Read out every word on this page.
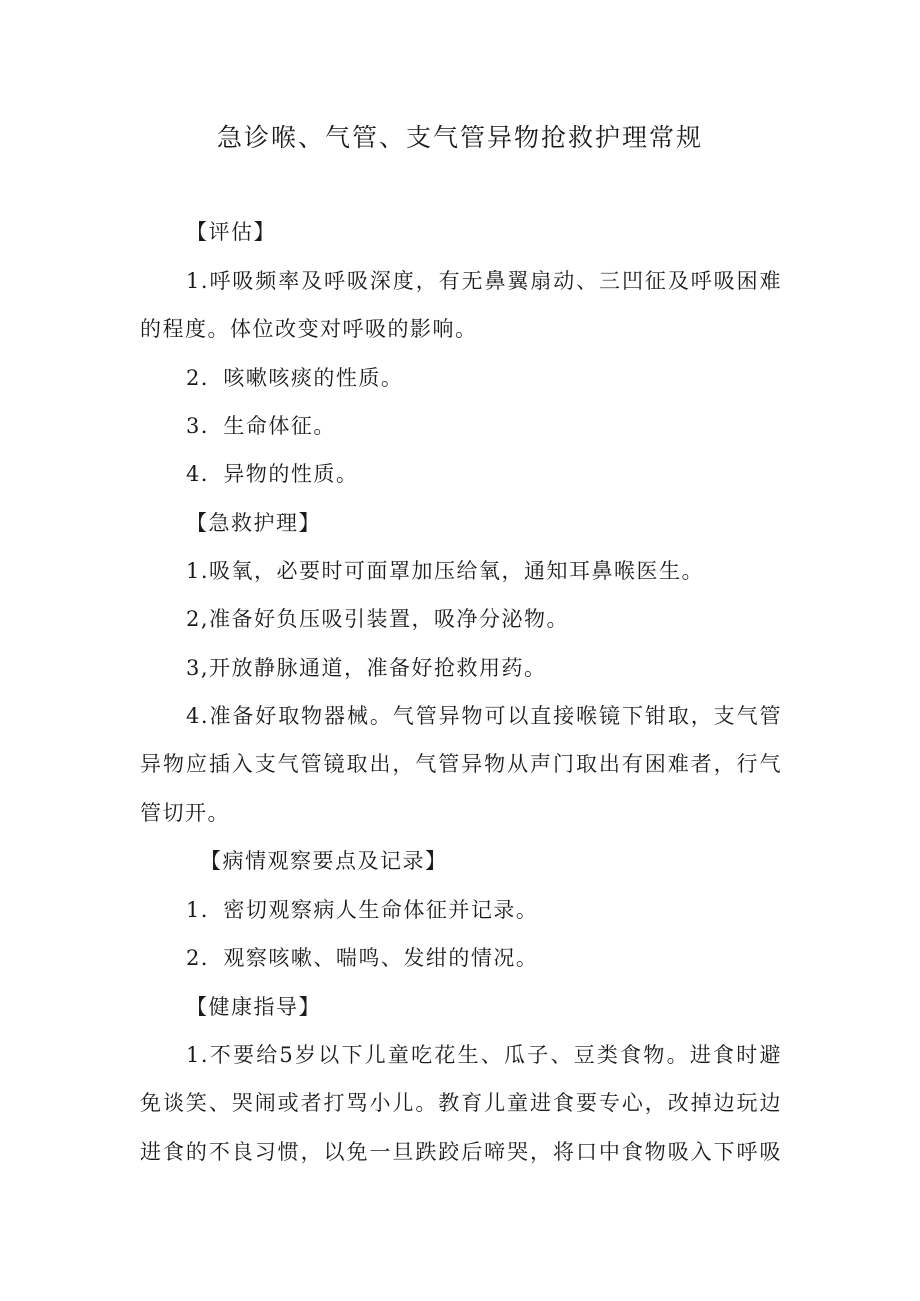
急诊喉、气管、支气管异物抢救护理常规
【评估】
1.呼吸频率及呼吸深度，有无鼻翼扇动、三凹征及呼吸困难
的程度。体位改变对呼吸的影响。
2．咳嗽咳痰的性质。
3．生命体征。
4．异物的性质。
【急救护理】
1.吸氧，必要时可面罩加压给氧，通知耳鼻喉医生。
2,准备好负压吸引装置，吸净分泌物。
3,开放静脉通道，准备好抢救用药。
4.准备好取物器械。气管异物可以直接喉镜下钳取，支气管
异物应插入支气管镜取出，气管异物从声门取出有困难者，行气
管切开。
【病情观察要点及记录】
1．密切观察病人生命体征并记录。
2．观察咳嗽、喘鸣、发绀的情况。
【健康指导】
1.不要给5岁以下儿童吃花生、瓜子、豆类食物。进食时避
免谈笑、哭闹或者打骂小儿。教育儿童进食要专心，改掉边玩边
进食的不良习惯，以免一旦跌跤后啼哭，将口中食物吸入下呼吸
